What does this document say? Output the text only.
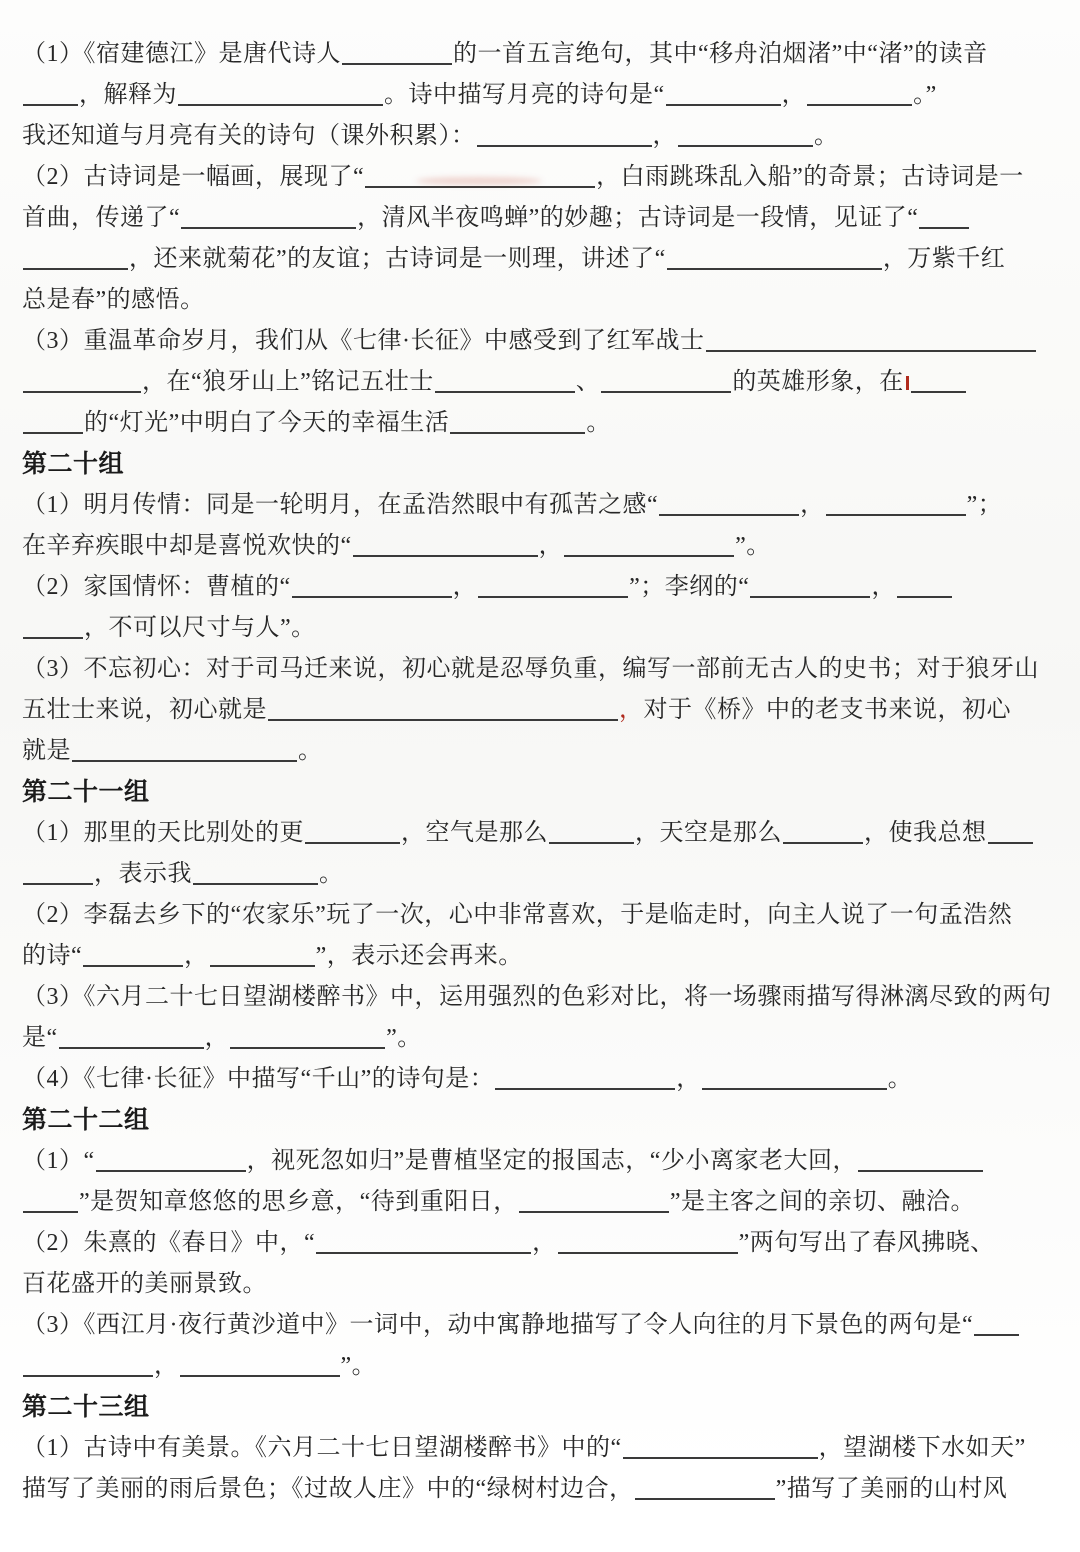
（1）《宿建德江》是唐代诗人	的一首五言绝句，其中“移舟泊烟渚”中“渚”的读音
，解释为	。诗中描写月亮的诗句是“	，	。”
我还知道与月亮有关的诗句（课外积累）：	，	。
（2）古诗词是一幅画，展现了“	，白雨跳珠乱入船”的奇景；古诗词是一
首曲，传递了“	，清风半夜鸣蝉”的妙趣；古诗词是一段情，见证了“
，还来就菊花”的友谊；古诗词是一则理，讲述了“	，万紫千红
总是春”的感悟。
（3）重温革命岁月，我们从《七律·长征》中感受到了红军战士
，在“狼牙山上”铭记五壮士	、	的英雄形象，在
的“灯光”中明白了今天的幸福生活	。
第二十组
（1）明月传情：同是一轮明月，在孟浩然眼中有孤苦之感“	，	”；
在辛弃疾眼中却是喜悦欢快的“	，	”。
（2）家国情怀：曹植的“	，	”；李纲的“	，
，不可以尺寸与人”。
（3）不忘初心：对于司马迁来说，初心就是忍辱负重，编写一部前无古人的史书；对于狼牙山
五壮士来说，初心就是	，对于《桥》中的老支书来说，初心
就是	。
第二十一组
（1）那里的天比别处的更	，空气是那么	，天空是那么	，使我总想
，表示我	。
（2）李磊去乡下的“农家乐”玩了一次，心中非常喜欢，于是临走时，向主人说了一句孟浩然
的诗“	，	”，表示还会再来。
（3）《六月二十七日望湖楼醉书》中，运用强烈的色彩对比，将一场骤雨描写得淋漓尽致的两句
是“	，	”。
（4）《七律·长征》中描写“千山”的诗句是：	，	。
第二十二组
（1）“	，视死忽如归”是曹植坚定的报国志，“少小离家老大回，
”是贺知章悠悠的思乡意，“待到重阳日，	”是主客之间的亲切、融洽。
（2）朱熹的《春日》中，“	，	”两句写出了春风拂晓、
百花盛开的美丽景致。
（3）《西江月·夜行黄沙道中》一词中，动中寓静地描写了令人向往的月下景色的两句是“
，	”。
第二十三组
（1）古诗中有美景。《六月二十七日望湖楼醉书》中的“	，望湖楼下水如天”
描写了美丽的雨后景色；《过故人庄》中的“绿树村边合，	”描写了美丽的山村风
